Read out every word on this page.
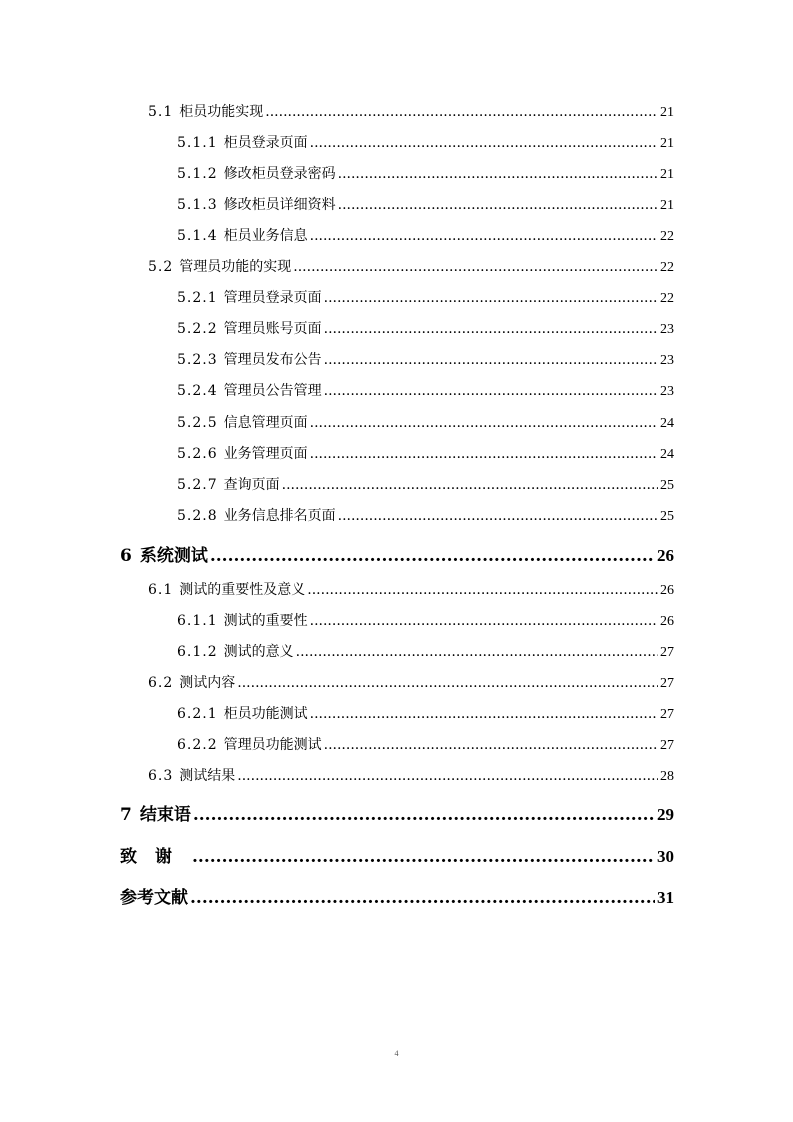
5.1 柜员功能实现 .....	21
5.1.1 柜员登录页面 .....	21
5.1.2 修改柜员登录密码 .....	21
5.1.3 修改柜员详细资料 .....	21
5.1.4 柜员业务信息 .....	22
5.2 管理员功能的实现 .....	22
5.2.1 管理员登录页面 .....	22
5.2.2 管理员账号页面 .....	23
5.2.3 管理员发布公告 .....	23
5.2.4 管理员公告管理 .....	23
5.2.5 信息管理页面 .....	24
5.2.6 业务管理页面 .....	24
5.2.7 查询页面 .....	25
5.2.8 业务信息排名页面 .....	25
6 系统测试 .....	26
6.1 测试的重要性及意义 .....	26
6.1.1 测试的重要性 .....	26
6.1.2 测试的意义 .....	27
6.2 测试内容 .....	27
6.2.1 柜员功能测试 .....	27
6.2.2 管理员功能测试 .....	27
6.3 测试结果 .....	28
7 结束语 .....	29
致谢 .....	30
参考文献 .....	31
4
